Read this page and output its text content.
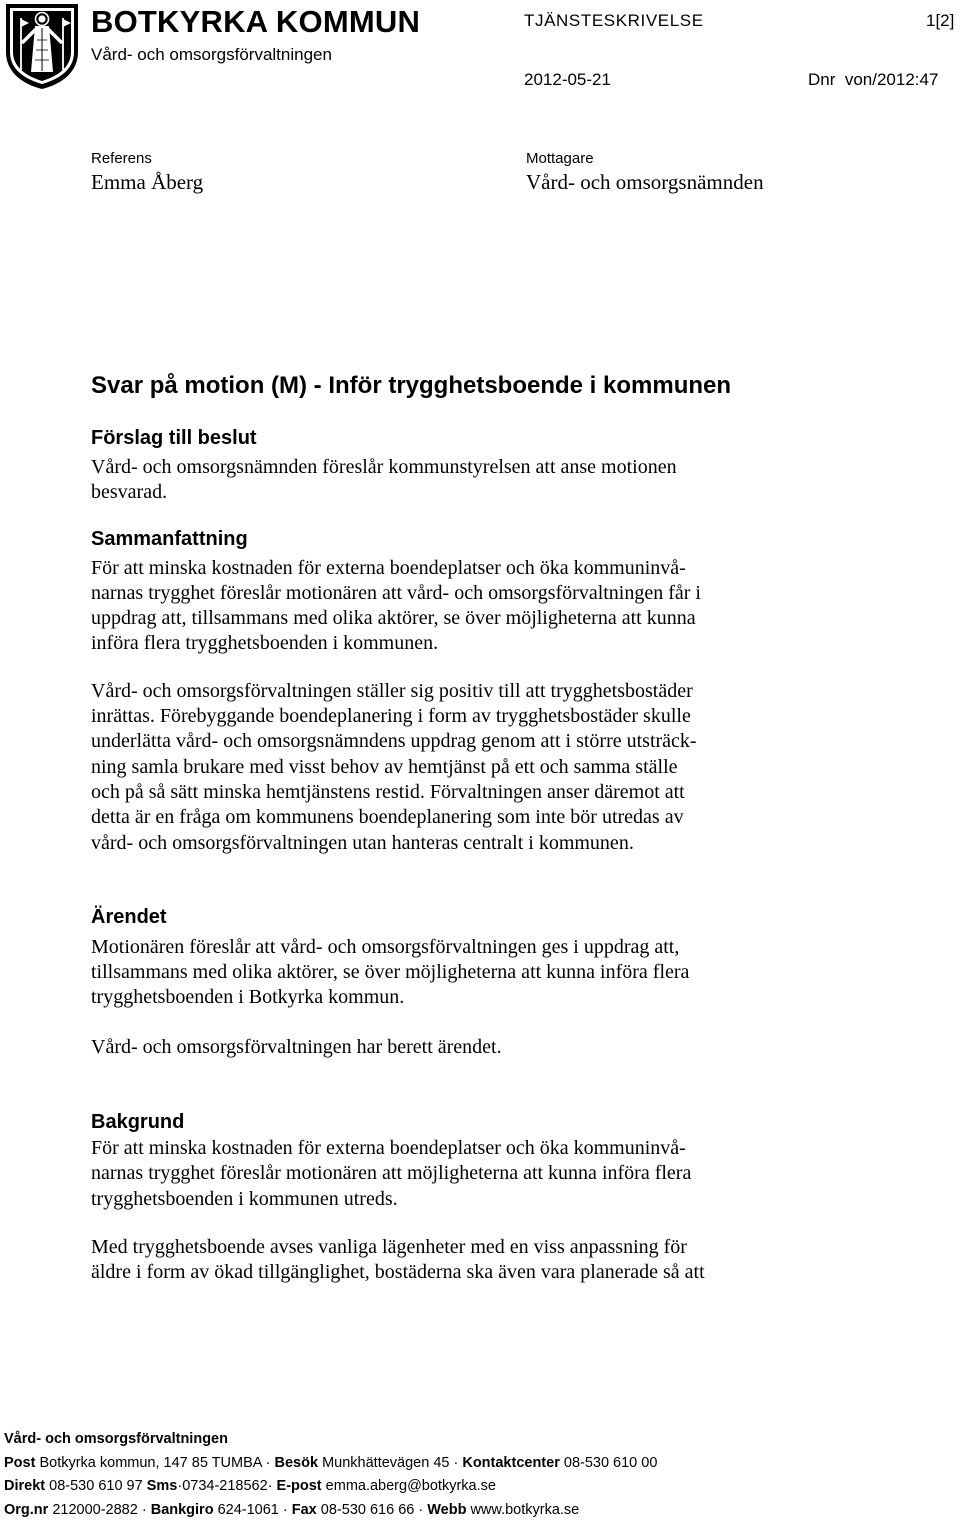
BOTKYRKA KOMMUN
Vård- och omsorgsförvaltningen
TJÄNSTESKRIVELSE	1[2]
2012-05-21	Dnr  von/2012:47
Referens
Emma Åberg
Mottagare
Vård- och omsorgsnämnden
Svar på motion (M) - Inför trygghetsboende i kommunen
Förslag till beslut

Vård- och omsorgsnämnden föreslår kommunstyrelsen att anse motionen
besvarad.

Sammanfattning

För att minska kostnaden för externa boendeplatser och öka kommuninvå-
narnas trygghet föreslår motionären att vård- och omsorgsförvaltningen får i
uppdrag att, tillsammans med olika aktörer, se över möjligheterna att kunna
införa flera trygghetsboenden i kommunen.

Vård- och omsorgsförvaltningen ställer sig positiv till att trygghetsbostäder
inrättas. Förebyggande boendeplanering i form av trygghetsbostäder skulle
underlätta vård- och omsorgsnämndens uppdrag genom att i större utsträck-
ning samla brukare med visst behov av hemtjänst på ett och samma ställe
och på så sätt minska hemtjänstens restid. Förvaltningen anser däremot att
detta är en fråga om kommunens boendeplanering som inte bör utredas av
vård- och omsorgsförvaltningen utan hanteras centralt i kommunen.

Ärendet

Motionären föreslår att vård- och omsorgsförvaltningen ges i uppdrag att,
tillsammans med olika aktörer, se över möjligheterna att kunna införa flera
trygghetsboenden i Botkyrka kommun.

Vård- och omsorgsförvaltningen har berett ärendet.

Bakgrund

För att minska kostnaden för externa boendeplatser och öka kommuninvå-
narnas trygghet föreslår motionären att möjligheterna att kunna införa flera
trygghetsboenden i kommunen utreds.

Med trygghetsboende avses vanliga lägenheter med en viss anpassning för
äldre i form av ökad tillgänglighet, bostäderna ska även vara planerade så att

Vård- och omsorgsförvaltningen
Post Botkyrka kommun, 147 85 TUMBA · Besök Munkhättevägen 45 · Kontaktcenter 08-530 610 00
Direkt 08-530 610 97 Sms·0734-218562· E-post emma.aberg@botkyrka.se
Org.nr 212000-2882 · Bankgiro 624-1061 · Fax 08-530 616 66 · Webb www.botkyrka.se
